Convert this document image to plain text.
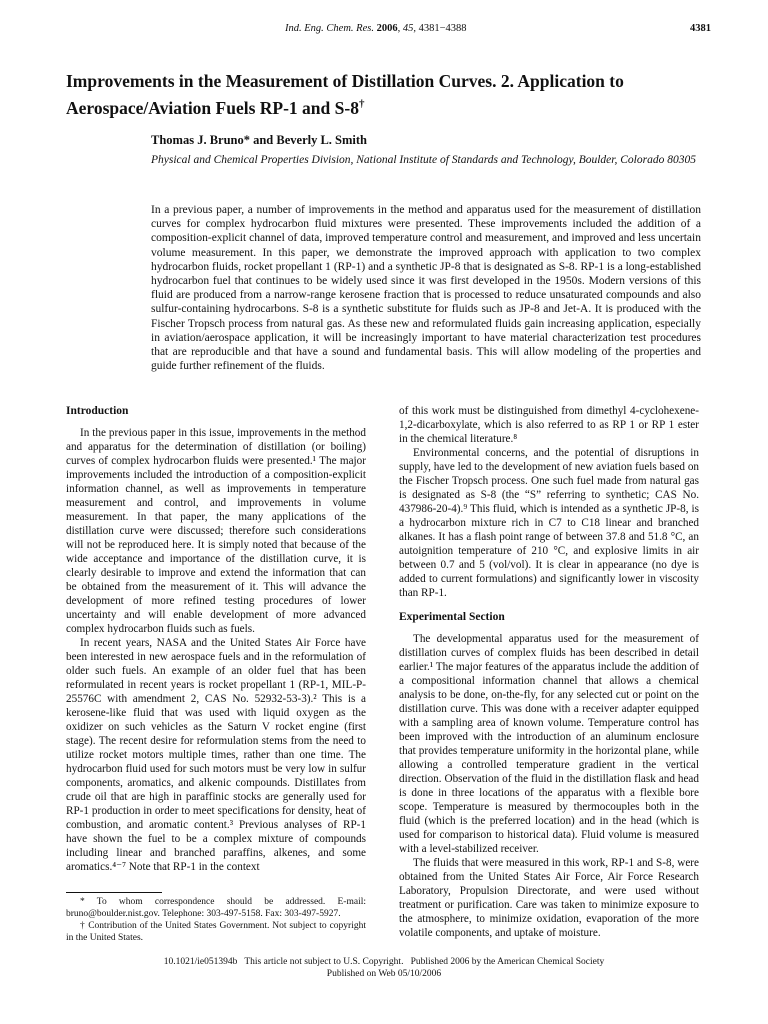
Ind. Eng. Chem. Res. 2006, 45, 4381−4388	4381
Improvements in the Measurement of Distillation Curves. 2. Application to Aerospace/Aviation Fuels RP-1 and S-8†
Thomas J. Bruno* and Beverly L. Smith
Physical and Chemical Properties Division, National Institute of Standards and Technology, Boulder, Colorado 80305

In a previous paper, a number of improvements in the method and apparatus used for the measurement of distillation curves for complex hydrocarbon fluid mixtures were presented. These improvements included the addition of a composition-explicit channel of data, improved temperature control and measurement, and improved and less uncertain volume measurement. In this paper, we demonstrate the improved approach with application to two complex hydrocarbon fluids, rocket propellant 1 (RP-1) and a synthetic JP-8 that is designated as S-8. RP-1 is a long-established hydrocarbon fuel that continues to be widely used since it was first developed in the 1950s. Modern versions of this fluid are produced from a narrow-range kerosene fraction that is processed to reduce unsaturated compounds and also sulfur-containing hydrocarbons. S-8 is a synthetic substitute for fluids such as JP-8 and Jet-A. It is produced with the Fischer Tropsch process from natural gas. As these new and reformulated fluids gain increasing application, especially in aviation/aerospace application, it will be increasingly important to have material characterization test procedures that are reproducible and that have a sound and fundamental basis. This will allow modeling of the properties and guide further refinement of the fluids.

Introduction

In the previous paper in this issue, improvements in the method and apparatus for the determination of distillation (or boiling) curves of complex hydrocarbon fluids were presented.¹ The major improvements included the introduction of a composition-explicit information channel, as well as improvements in temperature measurement and control, and improvements in volume measurement. In that paper, the many applications of the distillation curve were discussed; therefore such considerations will not be reproduced here. It is simply noted that because of the wide acceptance and importance of the distillation curve, it is clearly desirable to improve and extend the information that can be obtained from the measurement of it. This will advance the development of more refined testing procedures of lower uncertainty and will enable development of more advanced complex hydrocarbon fluids such as fuels.

In recent years, NASA and the United States Air Force have been interested in new aerospace fuels and in the reformulation of older such fuels. An example of an older fuel that has been reformulated in recent years is rocket propellant 1 (RP-1, MIL-P-25576C with amendment 2, CAS No. 52932-53-3).² This is a kerosene-like fluid that was used with liquid oxygen as the oxidizer on such vehicles as the Saturn V rocket engine (first stage). The recent desire for reformulation stems from the need to utilize rocket motors multiple times, rather than one time. The hydrocarbon fluid used for such motors must be very low in sulfur components, aromatics, and alkenic compounds. Distillates from crude oil that are high in paraffinic stocks are generally used for RP-1 production in order to meet specifications for density, heat of combustion, and aromatic content.³ Previous analyses of RP-1 have shown the fuel to be a complex mixture of compounds including linear and branched paraffins, alkenes, and some aromatics.⁴⁻⁷ Note that RP-1 in the context

of this work must be distinguished from dimethyl 4-cyclohexene-1,2-dicarboxylate, which is also referred to as RP 1 or RP 1 ester in the chemical literature.⁸

Environmental concerns, and the potential of disruptions in supply, have led to the development of new aviation fuels based on the Fischer Tropsch process. One such fuel made from natural gas is designated as S-8 (the “S” referring to synthetic; CAS No. 437986-20-4).⁹ This fluid, which is intended as a synthetic JP-8, is a hydrocarbon mixture rich in C7 to C18 linear and branched alkanes. It has a flash point range of between 37.8 and 51.8 °C, an autoignition temperature of 210 °C, and explosive limits in air between 0.7 and 5 (vol/vol). It is clear in appearance (no dye is added to current formulations) and significantly lower in viscosity than RP-1.

Experimental Section

The developmental apparatus used for the measurement of distillation curves of complex fluids has been described in detail earlier.¹ The major features of the apparatus include the addition of a compositional information channel that allows a chemical analysis to be done, on-the-fly, for any selected cut or point on the distillation curve. This was done with a receiver adapter equipped with a sampling area of known volume. Temperature control has been improved with the introduction of an aluminum enclosure that provides temperature uniformity in the horizontal plane, while allowing a controlled temperature gradient in the vertical direction. Observation of the fluid in the distillation flask and head is done in three locations of the apparatus with a flexible bore scope. Temperature is measured by thermocouples both in the fluid (which is the preferred location) and in the head (which is used for comparison to historical data). Fluid volume is measured with a level-stabilized receiver.

The fluids that were measured in this work, RP-1 and S-8, were obtained from the United States Air Force, Air Force Research Laboratory, Propulsion Directorate, and were used without treatment or purification. Care was taken to minimize exposure to the atmosphere, to minimize oxidation, evaporation of the more volatile components, and uptake of moisture.

* To whom correspondence should be addressed. E-mail: bruno@boulder.nist.gov. Telephone: 303-497-5158. Fax: 303-497-5927.

† Contribution of the United States Government. Not subject to copyright in the United States.

10.1021/ie051394b   This article not subject to U.S. Copyright.   Published 2006 by the American Chemical Society
Published on Web 05/10/2006
